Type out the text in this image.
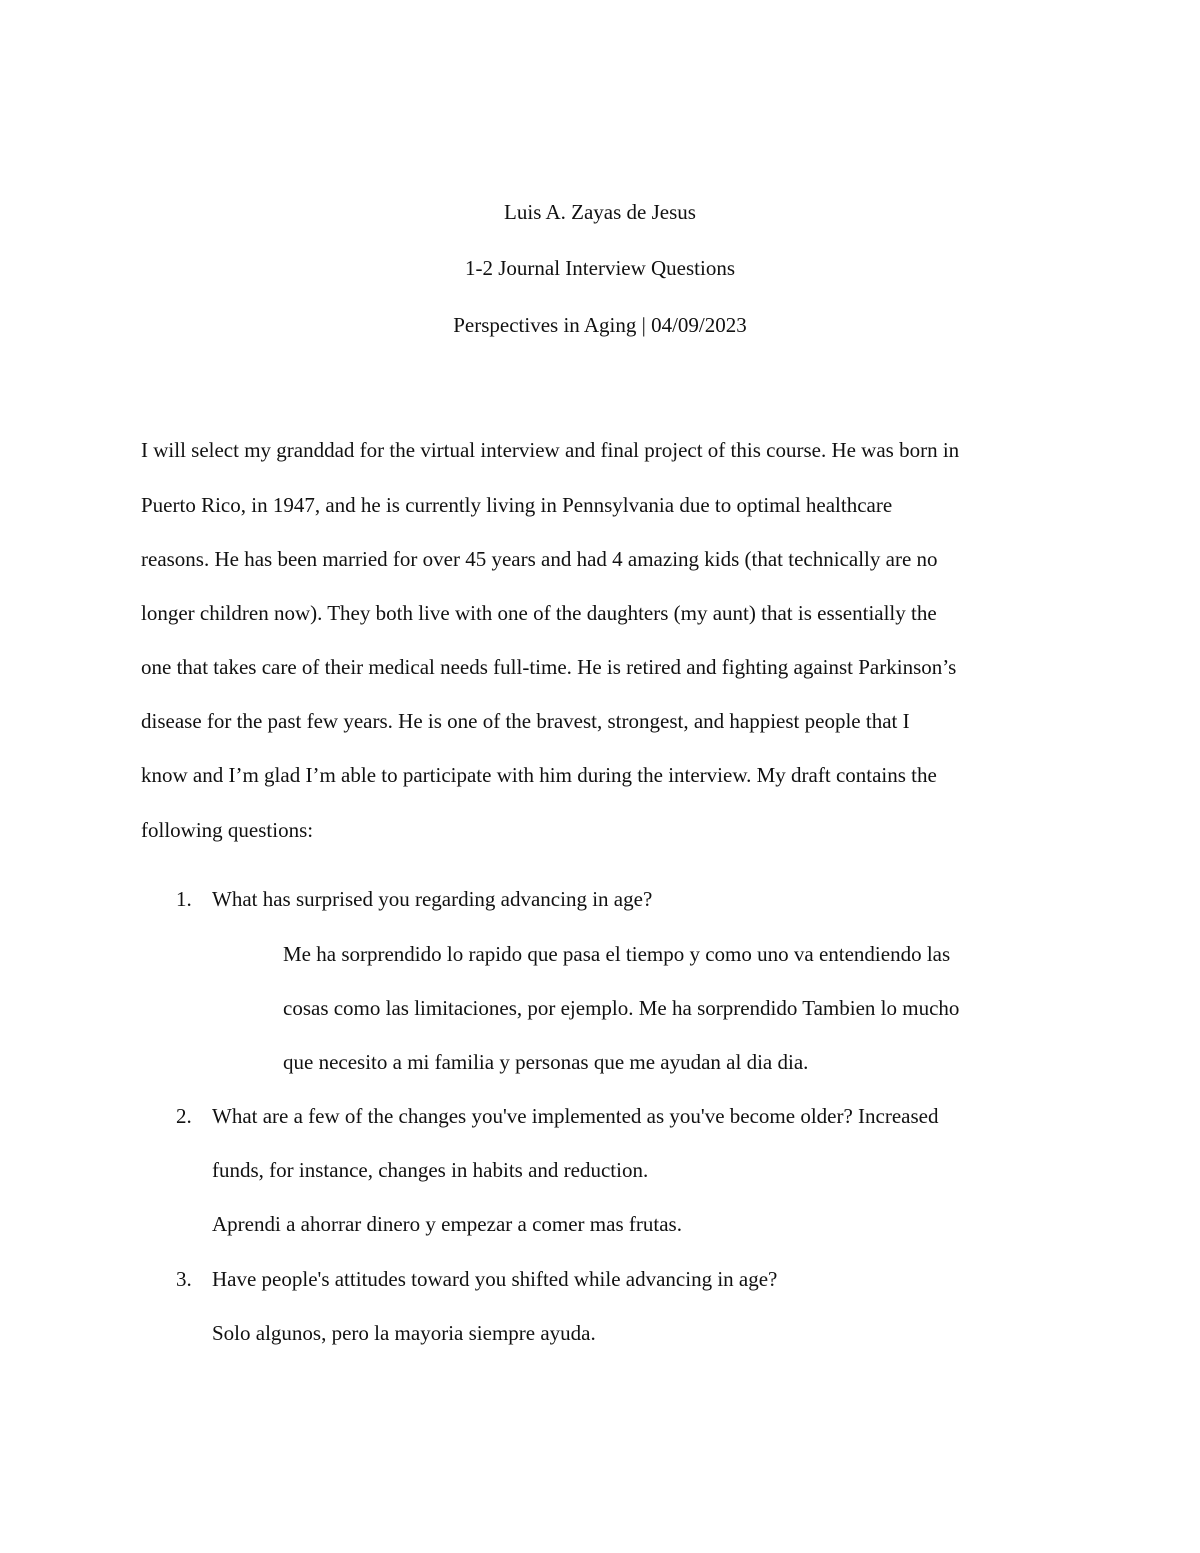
Luis A. Zayas de Jesus
1-2 Journal Interview Questions
Perspectives in Aging | 04/09/2023
I will select my granddad for the virtual interview and final project of this course. He was born in
Puerto Rico, in 1947, and he is currently living in Pennsylvania due to optimal healthcare
reasons. He has been married for over 45 years and had 4 amazing kids (that technically are no
longer children now). They both live with one of the daughters (my aunt) that is essentially the
one that takes care of their medical needs full-time. He is retired and fighting against Parkinson’s
disease for the past few years. He is one of the bravest, strongest, and happiest people that I
know and I’m glad I’m able to participate with him during the interview. My draft contains the
following questions:
1. What has surprised you regarding advancing in age?
Me ha sorprendido lo rapido que pasa el tiempo y como uno va entendiendo las
cosas como las limitaciones, por ejemplo. Me ha sorprendido Tambien lo mucho
que necesito a mi familia y personas que me ayudan al dia dia.
2. What are a few of the changes you've implemented as you've become older? Increased
funds, for instance, changes in habits and reduction.
Aprendi a ahorrar dinero y empezar a comer mas frutas.
3. Have people's attitudes toward you shifted while advancing in age?
Solo algunos, pero la mayoria siempre ayuda.
